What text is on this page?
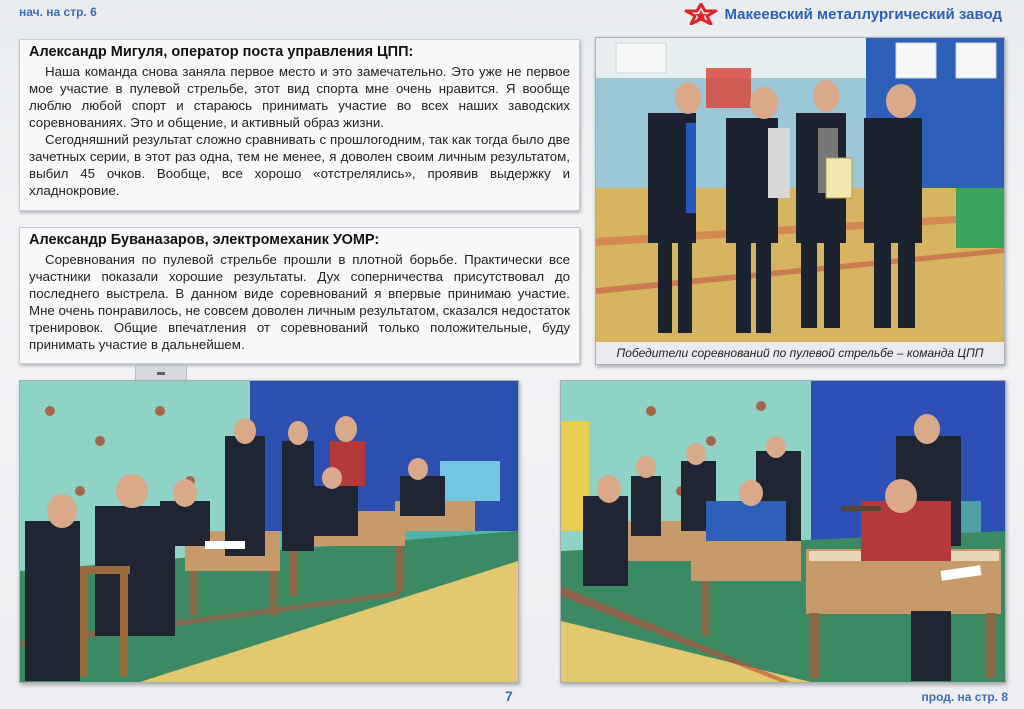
нач. на стр. 6	Макеевский металлургический завод
Александр Мигуля, оператор поста управления ЦПП:

Наша команда снова заняла первое место и это замечательно. Это уже не первое мое участие в пулевой стрельбе, этот вид спорта мне очень нравится. Я вообще люблю любой спорт и стараюсь принимать участие во всех наших заводских соревнованиях. Это и общение, и активный образ жизни.

Сегодняшний результат сложно сравнивать с прошлогодним, так как тогда было две зачетных серии, в этот раз одна, тем не менее, я доволен своим личным результатом, выбил 45 очков. Вообще, все хорошо «отстрелялись», проявив выдержку и хладнокровие.

Александр Буваназаров, электромеханик УОМР:

Соревнования по пулевой стрельбе прошли в плотной борьбе. Практически все участники показали хорошие результаты. Дух соперничества присутствовал до последнего выстрела. В данном виде соревнований я впервые принимаю участие. Мне очень понравилось, не совсем доволен личным результатом, сказался недостаток тренировок. Общие впечатления от соревнований только положительные, буду принимать участие в дальнейшем.

Победители соревнований по пулевой стрельбе – команда ЦПП
7	прод. на стр. 8
